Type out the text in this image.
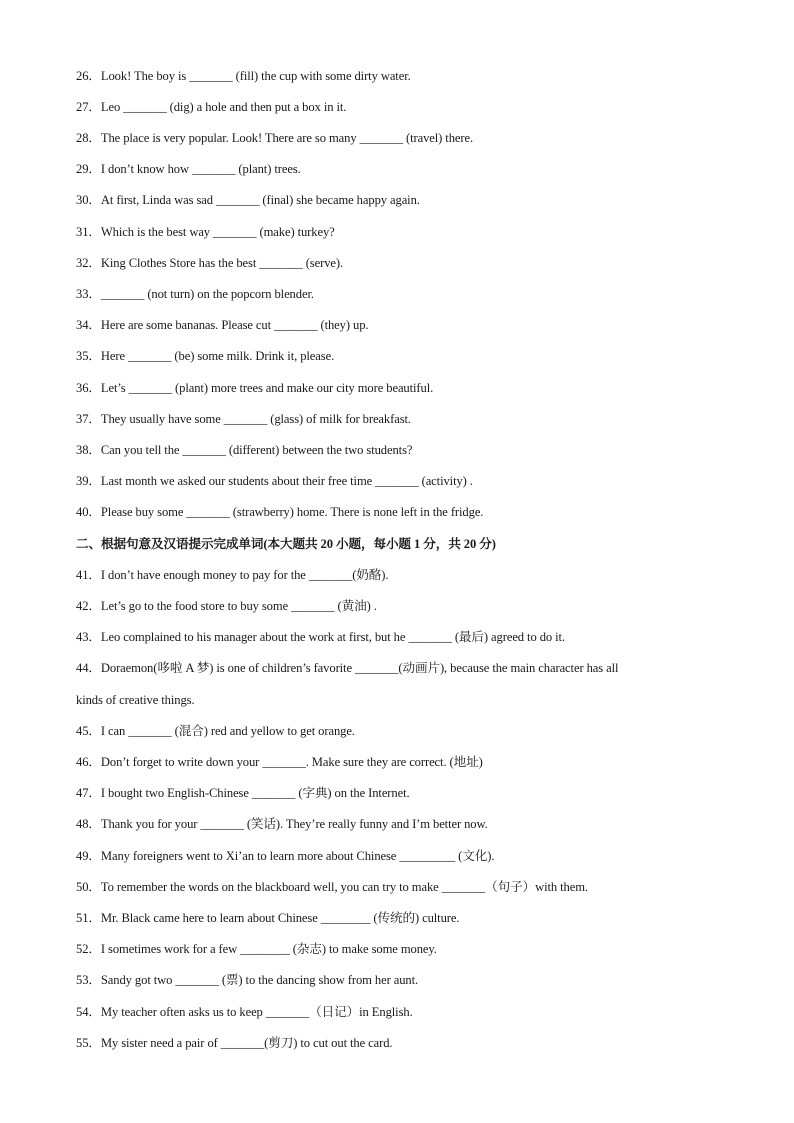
26．Look! The boy is _______ (fill) the cup with some dirty water.
27．Leo _______ (dig) a hole and then put a box in it.
28．The place is very popular. Look! There are so many _______ (travel) there.
29．I don’t know how _______ (plant) trees.
30．At first, Linda was sad _______ (final) she became happy again.
31．Which is the best way _______ (make) turkey?
32．King Clothes Store has the best _______ (serve).
33．_______ (not turn) on the popcorn blender.
34．Here are some bananas. Please cut _______ (they) up.
35．Here _______ (be) some milk. Drink it, please.
36．Let’s _______ (plant) more trees and make our city more beautiful.
37．They usually have some _______ (glass) of milk for breakfast.
38．Can you tell the _______ (different) between the two students?
39．Last month we asked our students about their free time _______ (activity) .
40．Please buy some _______ (strawberry) home. There is none left in the fridge.
二、根据句意及汉语提示完成单词(本大题共 20 小题，每小题 1 分，共 20 分)
41．I don’t have enough money to pay for the _______(奶酪).
42．Let’s go to the food store to buy some _______ (黄油) .
43．Leo complained to his manager about the work at first, but he _______ (最后) agreed to do it.
44．Doraemon(哆啦 A 梦) is one of children’s favorite _______(动画片), because the main character has all
kinds of creative things.
45．I can _______ (混合) red and yellow to get orange.
46．Don’t forget to write down your _______. Make sure they are correct. (地址)
47．I bought two English-Chinese _______ (字典) on the Internet.
48．Thank you for your _______ (笑话). They’re really funny and I’m better now.
49．Many foreigners went to Xi’an to learn more about Chinese _________ (文化).
50．To remember the words on the blackboard well, you can try to make _______（句子）with them.
51．Mr. Black came here to learn about Chinese ________ (传统的) culture.
52．I sometimes work for a few ________ (杂志) to make some money.
53．Sandy got two _______ (票) to the dancing show from her aunt.
54．My teacher often asks us to keep _______（日记）in English.
55．My sister need a pair of _______(剪刀) to cut out the card.
